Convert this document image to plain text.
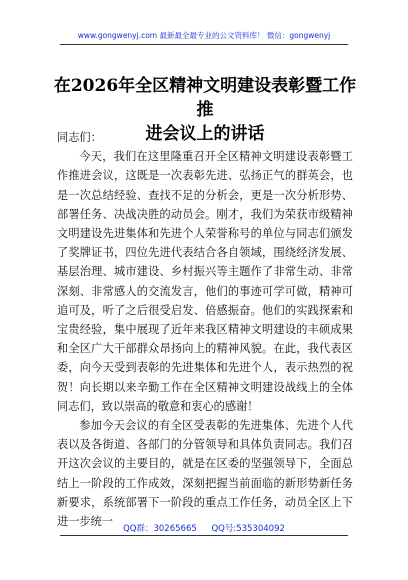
www.gongwenyj.com 最新最全最专业的公文资料库！ 微信：gongwenyj
在2026年全区精神文明建设表彰暨工作推
进会议上的讲话

同志们：

今天，我们在这里隆重召开全区精神文明建设表彰暨工作推进会议，这既是一次表彰先进、弘扬正气的群英会，也是一次总结经验、查找不足的分析会，更是一次分析形势、部署任务、决战决胜的动员会。刚才，我们为荣获市级精神文明建设先进集体和先进个人荣誉称号的单位与同志们颁发了奖牌证书，四位先进代表结合各自领域，围绕经济发展、基层治理、城市建设、乡村振兴等主题作了非常生动、非常深刻、非常感人的交流发言，他们的事迹可学可做，精神可追可及，听了之后很受启发、倍感振奋。他们的实践探索和宝贵经验，集中展现了近年来我区精神文明建设的丰硕成果和全区广大干部群众昂扬向上的精神风貌。在此，我代表区委，向今天受到表彰的先进集体和先进个人，表示热烈的祝贺！向长期以来辛勤工作在全区精神文明建设战线上的全体同志们，致以崇高的敬意和衷心的感谢！

参加今天会议的有全区受表彰的先进集体、先进个人代表以及各街道、各部门的分管领导和具体负责同志。我们召开这次会议的主要目的，就是在区委的坚强领导下，全面总结上一阶段的工作成效，深刻把握当前面临的新形势新任务新要求，系统部署下一阶段的重点工作任务，动员全区上下进一步统一

QQ群：30265665 QQ号:535304092
